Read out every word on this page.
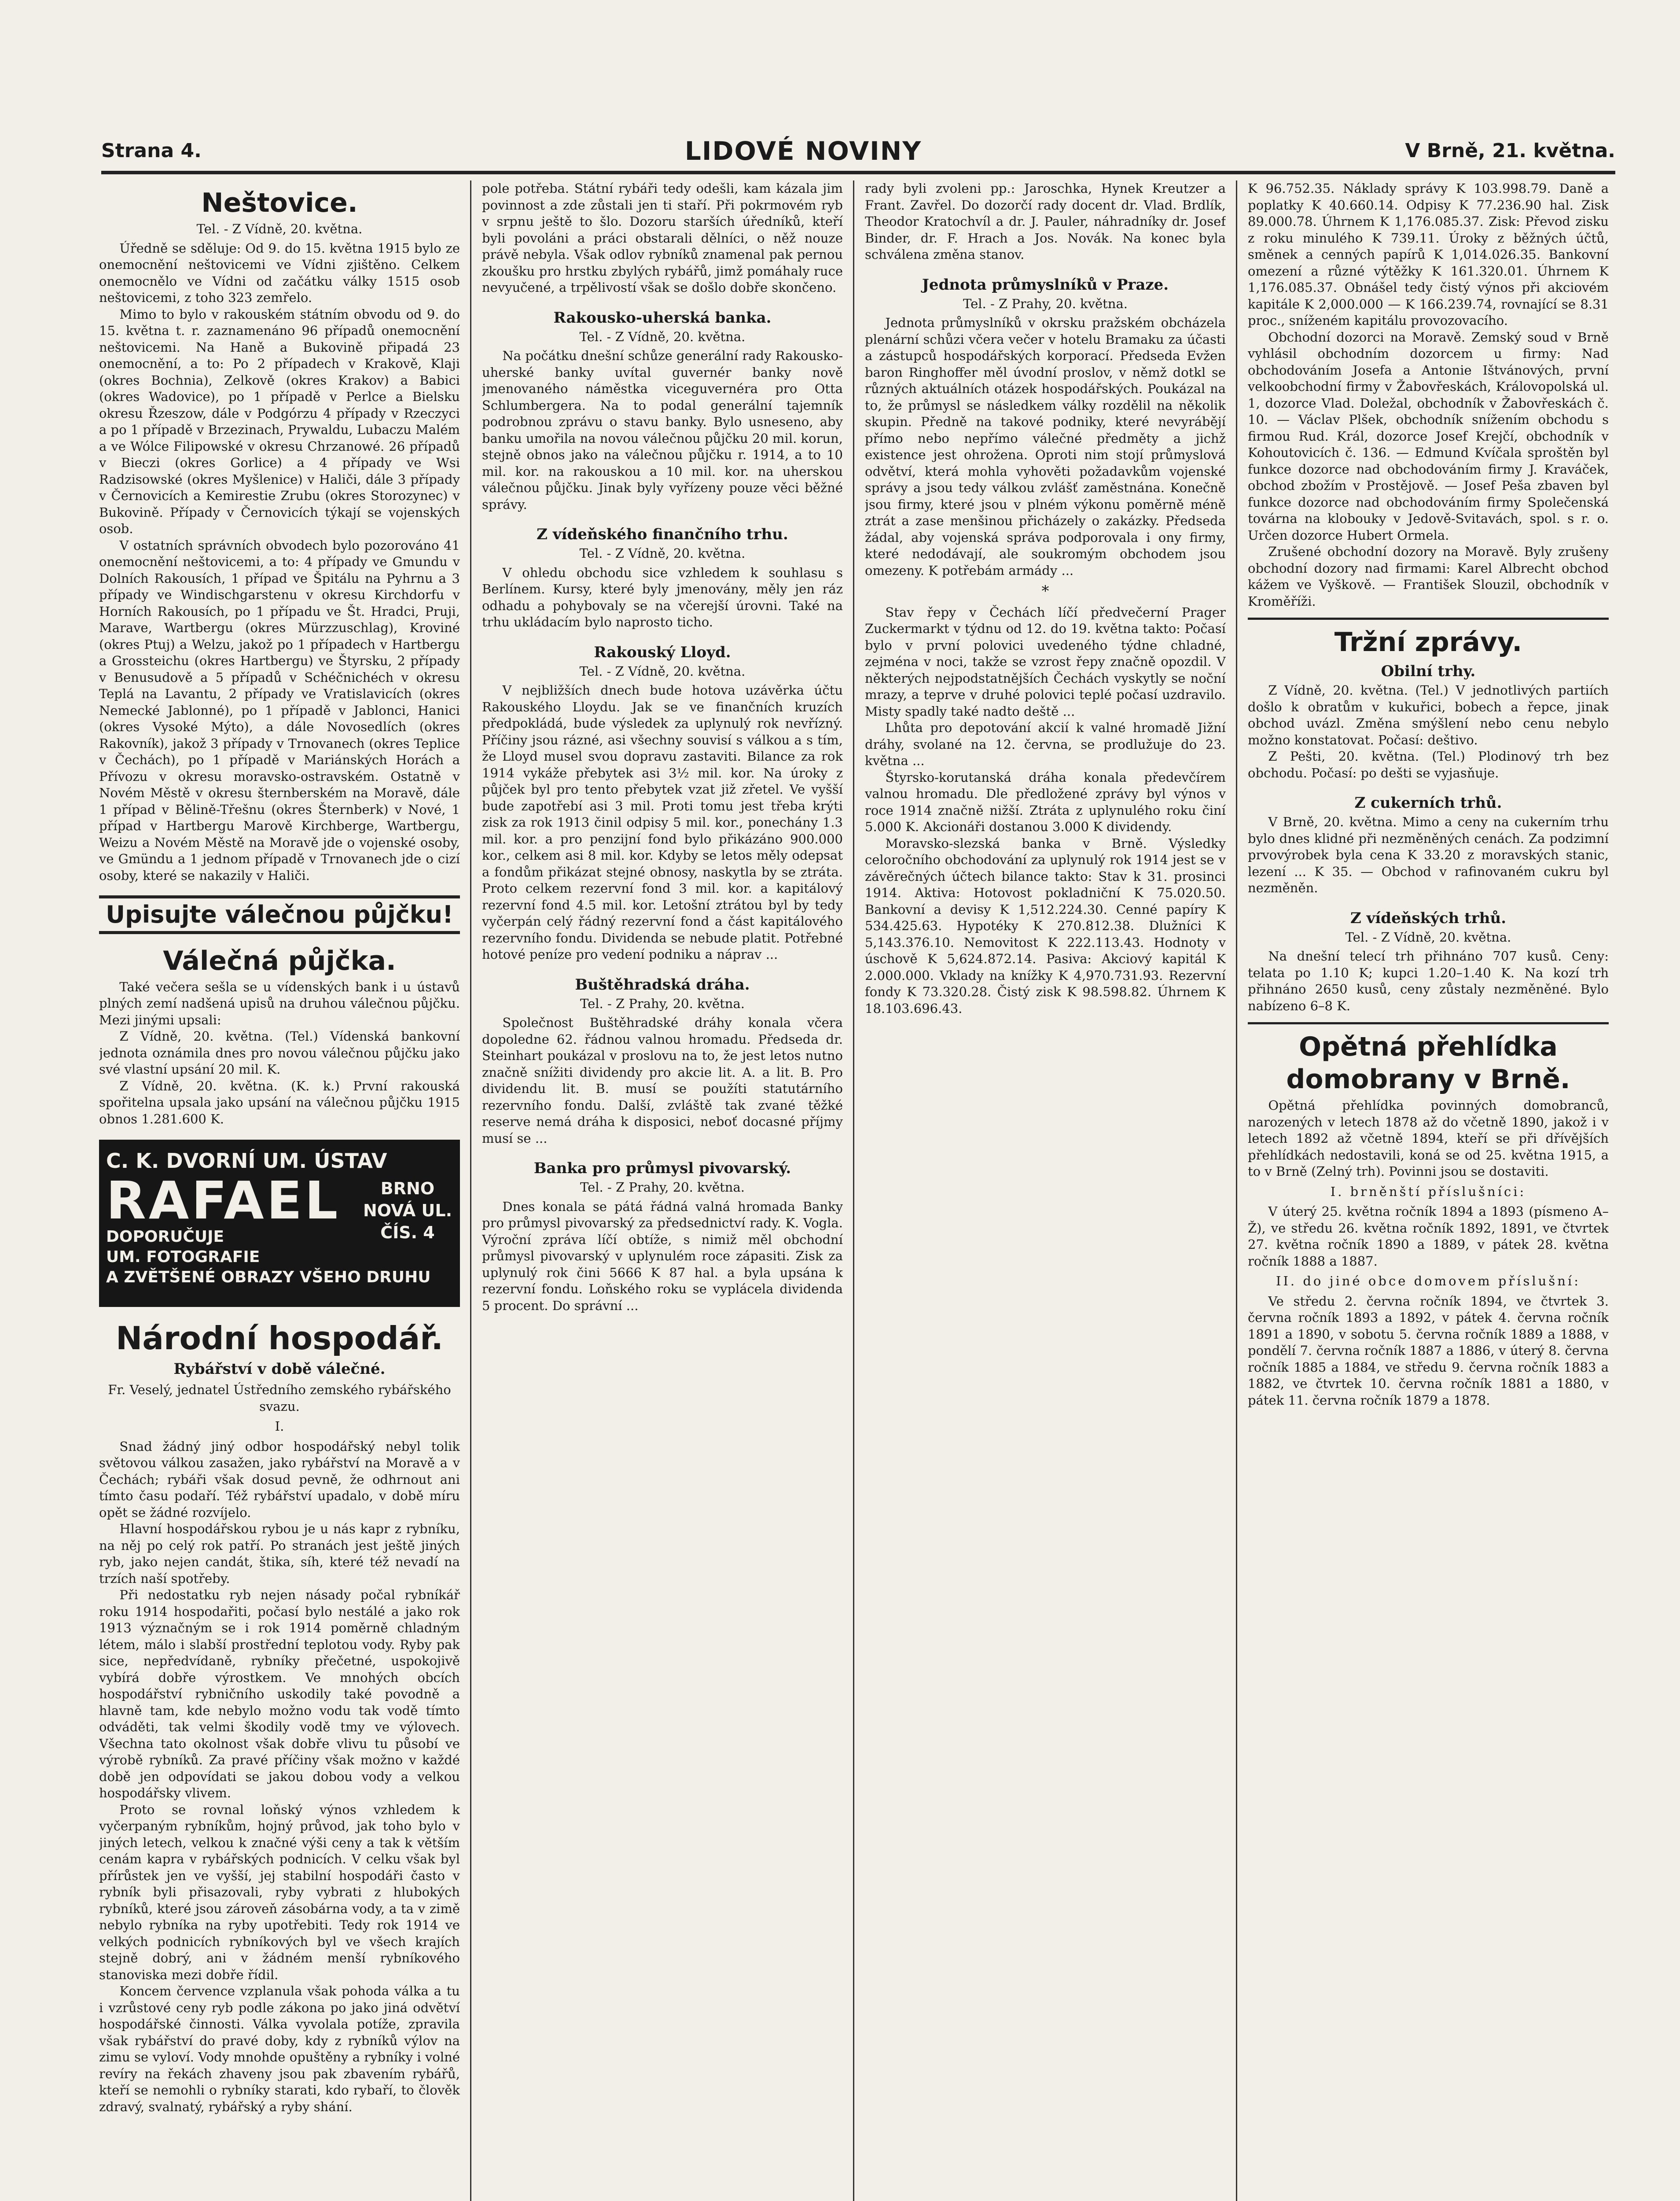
Strana 4.	LIDOVÉ NOVINY	V Brně, 21. května.
Neštovice.
Tel. - Z Vídně, 20. května.

Úředně se sděluje: Od 9. do 15. května 1915 bylo ze onemocnění neštovicemi ve Vídni zjištěno. Celkem onemocnělo ve Vídni od začátku války 1515 osob neštovicemi, z toho 323 zemřelo.

Mimo to bylo v rakouském státním obvodu od 9. do 15. května t. r. zaznamenáno 96 případů onemocnění neštovicemi. Na Haně a Bukovině připadá 23 onemocnění, a to: Po 2 případech v Krakově, Klaji (okres Bochnia), Zelkově (okres Krakov) a Babici (okres Wadovice), po 1 případě v Perlce a Bielsku okresu Řzeszow, dále v Podgórzu 4 případy v Rzeczyci a po 1 případě v Brzezinach, Prywaldu, Lubaczu Malém a ve Wólce Filipowské v okresu Chrzanowé. 26 případů v Bieczi (okres Gorlice) a 4 případy ve Wsi Radzisowské (okres Myšlenice) v Haliči, dále 3 případy v Černovicích a Kemirestie Zrubu (okres Storozynec) v Bukovině. Případy v Černovicích týkají se vojenských osob.

V ostatních správních obvodech bylo pozorováno 41 onemocnění neštovicemi, a to: 4 případy ve Gmundu v Dolních Rakousích, 1 případ ve Špitálu na Pyhrnu a 3 případy ve Windischgarstenu v okresu Kirchdorfu v Horních Rakousích, po 1 případu ve Št. Hradci, Pruji, Marave, Wartbergu (okres Mürzzuschlag), Kroviné (okres Ptuj) a Welzu, jakož po 1 případech v Hartbergu a Grossteichu (okres Hartbergu) ve Štyrsku, 2 případy v Benusudově a 5 případů v Schéčnichéch v okresu Teplá na Lavantu, 2 případy ve Vratislavicích (okres Nemecké Jablonné), po 1 případě v Jablonci, Hanici (okres Vysoké Mýto), a dále Novosedlích (okres Rakovník), jakož 3 případy v Trnovanech (okres Teplice v Čechách), po 1 případě v Mariánských Horách a Přívozu v okresu moravsko-ostravském. Ostatně v Novém Městě v okresu šternberském na Moravě, dále 1 případ v Bělině-Třešnu (okres Šternberk) v Nové, 1 případ v Hartbergu Marově Kirchberge, Wartbergu, Weizu a Novém Městě na Moravě jde o vojenské osoby, ve Gmündu a 1 jednom případě v Trnovanech jde o cizí osoby, které se nakazily v Haliči.

Upisujte válečnou půjčku!
Válečná půjčka.

Také večera sešla se u vídenských bank i u ústavů plných zemí nadšená upisů na druhou válečnou půjčku. Mezi jinými upsali:

Z Vídně, 20. května. (Tel.) Vídenská bankovní jednota oznámila dnes pro novou válečnou půjčku jako své vlastní upsání 20 mil. K.

Z Vídně, 20. května. (K. k.) První rakouská spořitelna upsala jako upsání na válečnou půjčku 1915 obnos 1.281.600 K.

C. K. DVORNÍ UM. ÚSTAV
RAFAEL	BRNO
NOVÁ UL.
ČÍS. 4
DOPORUČUJE
UM. FOTOGRAFIE
A ZVĚTŠENÉ OBRAZY VŠEHO DRUHU
Národní hospodář.
Rybářství v době válečné.
Fr. Veselý, jednatel Ústředního zemského rybářského svazu.
I.

Snad žádný jiný odbor hospodářský nebyl tolik světovou válkou zasažen, jako rybářství na Moravě a v Čechách; rybáři však dosud pevně, že odhrnout ani tímto času podaří. Též rybářství upadalo, v době míru opět se žádné rozvíjelo.

Hlavní hospodářskou rybou je u nás kapr z rybníku, na něj po celý rok patří. Po stranách jest ještě jiných ryb, jako nejen candát, štika, síh, které též nevadí na trzích naší spotřeby.

Při nedostatku ryb nejen násady počal rybníkář roku 1914 hospodařiti, počasí bylo nestálé a jako rok 1913 význačným se i rok 1914 poměrně chladným létem, málo i slabší prostřední teplotou vody. Ryby pak sice, nepředvídaně, rybníky přečetné, uspokojivě vybírá dobře výrostkem. Ve mnohých obcích hospodářství rybničního uskodily také povodně a hlavně tam, kde nebylo možno vodu tak vodě tímto odváděti, tak velmi škodily vodě tmy ve výlovech. Všechna tato okolnost však dobře vlivu tu působí ve výrobě rybníků. Za pravé příčiny však možno v každé době jen odpovídati se jakou dobou vody a velkou hospodářsky vlivem.

Proto se rovnal loňský výnos vzhledem k vyčerpaným rybníkům, hojný průvod, jak toho bylo v jiných letech, velkou k značné výši ceny a tak k větším cenám kapra v rybářských podnicích. V celku však byl přírůstek jen ve vyšší, jej stabilní hospodáři často v rybník byli přisazovali, ryby vybrati z hlubokých rybníků, které jsou zároveň zásobárna vody, a ta v zimě nebylo rybníka na ryby upotřebiti. Tedy rok 1914 ve velkých podnicích rybníkových byl ve všech krajích stejně dobrý, ani v žádném menší rybníkového stanoviska mezi dobře řídil.

Koncem července vzplanula však pohoda válka a tu i vzrůstové ceny ryb podle zákona po jako jiná odvětví hospodářské činnosti. Válka vyvolala potíže, zpravila však rybářství do pravé doby, kdy z rybníků výlov na zimu se vyloví. Vody mnohde opuštěny a rybníky i volné revíry na řekách zhaveny jsou pak zbavením rybářů, kteří se nemohli o rybníky starati, kdo rybaří, to člověk zdravý, svalnatý, rybářský a ryby shání.

pole potřeba. Státní rybáři tedy odešli, kam kázala jim povinnost a zde zůstali jen ti staří. Při pokrmovém ryb v srpnu ještě to šlo. Dozoru starších úředníků, kteří byli povoláni a práci obstarali dělníci, o něž nouze právě nebyla. Však odlov rybníků znamenal pak pernou zkoušku pro hrstku zbylých rybářů, jimž pomáhaly ruce nevyučené, a trpělivostí však se došlo dobře skončeno.

Rakousko-uherská banka.
Tel. - Z Vídně, 20. května.

Na počátku dnešní schůze generální rady Rakousko-uherské banky uvítal guvernér banky nově jmenovaného náměstka viceguvernéra pro Otta Schlumbergera. Na to podal generální tajemník podrobnou zprávu o stavu banky. Bylo usneseno, aby banku umořila na novou válečnou půjčku 20 mil. korun, stejně obnos jako na válečnou půjčku r. 1914, a to 10 mil. kor. na rakouskou a 10 mil. kor. na uherskou válečnou půjčku. Jinak byly vyřízeny pouze věci běžné správy.

Z vídeňského finančního trhu.
Tel. - Z Vídně, 20. května.

V ohledu obchodu sice vzhledem k souhlasu s Berlínem. Kursy, které byly jmenovány, měly jen ráz odhadu a pohybovaly se na včerejší úrovni. Také na trhu ukládacím bylo naprosto ticho.

Rakouský Lloyd.
Tel. - Z Vídně, 20. května.

V nejbližších dnech bude hotova uzávěrka účtu Rakouského Lloydu. Jak se ve finančních kruzích předpokládá, bude výsledek za uplynulý rok nevřízný. Příčiny jsou rázné, asi všechny souvisí s válkou a s tím, že Lloyd musel svou dopravu zastaviti. Bilance za rok 1914 vykáže přebytek asi 3½ mil. kor. Na úroky z půjček byl pro tento přebytek vzat již zřetel. Ve vyšší bude zapotřebí asi 3 mil. Proti tomu jest třeba krýti zisk za rok 1913 činil odpisy 5 mil. kor., ponechány 1.3 mil. kor. a pro penzijní fond bylo přikázáno 900.000 kor., celkem asi 8 mil. kor. Kdyby se letos měly odepsat a fondům přikázat stejné obnosy, naskytla by se ztráta. Proto celkem rezervní fond 3 mil. kor. a kapitálový rezervní fond 4.5 mil. kor. Letošní ztrátou byl by tedy vyčerpán celý řádný rezervní fond a část kapitálového rezervního fondu. Dividenda se nebude platit. Potřebné hotové peníze pro vedení podniku a náprav ...

Buštěhradská dráha.
Tel. - Z Prahy, 20. května.

Společnost Buštěhradské dráhy konala včera dopoledne 62. řádnou valnou hromadu. Předseda dr. Steinhart poukázal v proslovu na to, že jest letos nutno značně snížiti dividendy pro akcie lit. A. a lit. B. Pro dividendu lit. B. musí se použíti statutárního rezervního fondu. Další, zvláště tak zvané těžké reserve nemá dráha k disposici, neboť docasné příjmy musí se ...

Banka pro průmysl pivovarský.
Tel. - Z Prahy, 20. května.

Dnes konala se pátá řádná valná hromada Banky pro průmysl pivovarský za předsednictví rady. K. Vogla. Výroční zpráva líčí obtíže, s nimiž měl obchodní průmysl pivovarský v uplynulém roce zápasiti. Zisk za uplynulý rok čini 5666 K 87 hal. a byla upsána k rezervní fondu. Loňského roku se vyplácela dividenda 5 procent. Do správní ...

rady byli zvoleni pp.: Jaroschka, Hynek Kreutzer a Frant. Zavřel. Do dozorčí rady docent dr. Vlad. Brdlík, Theodor Kratochvíl a dr. J. Pauler, náhradníky dr. Josef Binder, dr. F. Hrach a Jos. Novák. Na konec byla schválena změna stanov.

Jednota průmyslníků v Praze.
Tel. - Z Prahy, 20. května.

Jednota průmyslníků v okrsku pražském obcházela plenární schůzi včera večer v hotelu Bramaku za účasti a zástupců hospodářských korporací. Předseda Evžen baron Ringhoffer měl úvodní proslov, v němž dotkl se různých aktuálních otázek hospodářských. Poukázal na to, že průmysl se následkem války rozdělil na několik skupin. Předně na takové podniky, které nevyrábějí přímo nebo nepřímo válečné předměty a jichž existence jest ohrožena. Oproti nim stojí průmyslová odvětví, která mohla vyhověti požadavkům vojenské správy a jsou tedy válkou zvlášť zaměstnána. Konečně jsou firmy, které jsou v plném výkonu poměrně méně ztrát a zase menšinou přicházely o zakázky. Předseda žádal, aby vojenská správa podporovala i ony firmy, které nedodávají, ale soukromým obchodem jsou omezeny. K potřebám armády ...

*

Stav řepy v Čechách líčí předvečerní Prager Zuckermarkt v týdnu od 12. do 19. května takto: Počasí bylo v první polovici uvedeného týdne chladné, zejména v noci, takže se vzrost řepy značně opozdil. V některých nejpodstatnějších Čechách vyskytly se noční mrazy, a teprve v druhé polovici teplé počasí uzdravilo. Misty spadly také nadto deště ...

Lhůta pro depotování akcií k valné hromadě Jižní dráhy, svolané na 12. června, se prodlužuje do 23. května ...

Štyrsko-korutanská dráha konala předevčírem valnou hromadu. Dle předložené zprávy byl výnos v roce 1914 značně nižší. Ztráta z uplynulého roku činí 5.000 K. Akcionáři dostanou 3.000 K dividendy.

Moravsko-slezská banka v Brně. Výsledky celoročního obchodování za uplynulý rok 1914 jest se v závěrečných účtech bilance takto: Stav k 31. prosinci 1914. Aktiva: Hotovost pokladniční K 75.020.50. Bankovní a devisy K 1,512.224.30. Cenné papíry K 534.425.63. Hypotéky K 270.812.38. Dlužníci K 5,143.376.10. Nemovitost K 222.113.43. Hodnoty v úschově K 5,624.872.14. Pasiva: Akciový kapitál K 2.000.000. Vklady na knížky K 4,970.731.93. Rezervní fondy K 73.320.28. Čistý zisk K 98.598.82. Úhrnem K 18.103.696.43.

K 96.752.35. Náklady správy K 103.998.79. Daně a poplatky K 40.660.14. Odpisy K 77.236.90 hal. Zisk 89.000.78. Úhrnem K 1,176.085.37. Zisk: Převod zisku z roku minulého K 739.11. Úroky z běžných účtů, směnek a cenných papírů K 1,014.026.35. Bankovní omezení a různé výtěžky K 161.320.01. Úhrnem K 1,176.085.37. Obnášel tedy čistý výnos při akciovém kapitále K 2,000.000 — K 166.239.74, rovnající se 8.31 proc., sníženém kapitálu provozovacího.

Obchodní dozorci na Moravě. Zemský soud v Brně vyhlásil obchodním dozorcem u firmy: Nad obchodováním Josefa a Antonie Ištvánových, první velkoobchodní firmy v Žabovřeskách, Královopolská ul. 1, dozorce Vlad. Doležal, obchodník v Žabovřeskách č. 10. — Václav Plšek, obchodník snížením obchodu s firmou Rud. Král, dozorce Josef Krejčí, obchodník v Kohoutovicích č. 136. — Edmund Kvíčala sproštěn byl funkce dozorce nad obchodováním firmy J. Kraváček, obchod zbožím v Prostějově. — Josef Peša zbaven byl funkce dozorce nad obchodováním firmy Společenská továrna na klobouky v Jedově-Svitavách, spol. s r. o. Určen dozorce Hubert Ormela.

Zrušené obchodní dozory na Moravě. Byly zrušeny obchodní dozory nad firmami: Karel Albrecht obchod kážem ve Vyškově. — František Slouzil, obchodník v Kroměříži.

Tržní zprávy.
Obilní trhy.

Z Vídně, 20. května. (Tel.) V jednotlivých partiích došlo k obratům v kukuřici, bobech a řepce, jinak obchod uvázl. Změna smýšlení nebo cenu nebylo možno konstatovat. Počasí: deštivo.

Z Pešti, 20. května. (Tel.) Plodinový trh bez obchodu. Počasí: po dešti se vyjasňuje.

Z cukerních trhů.

V Brně, 20. května. Mimo a ceny na cukerním trhu bylo dnes klidné při nezměněných cenách. Za podzimní prvovýrobek byla cena K 33.20 z moravských stanic, lezení ... K 35. — Obchod v rafinovaném cukru byl nezměněn.

Z vídeňských trhů.
Tel. - Z Vídně, 20. května.

Na dnešní telecí trh přihnáno 707 kusů. Ceny: telata po 1.10 K; kupci 1.20–1.40 K. Na kozí trh přihnáno 2650 kusů, ceny zůstaly nezměněné. Bylo nabízeno 6–8 K.

Opětná přehlídka domobrany v Brně.

Opětná přehlídka povinných domobranců, narozených v letech 1878 až do včetně 1890, jakož i v letech 1892 až včetně 1894, kteří se při dřívějších přehlídkách nedostavili, koná se od 25. května 1915, a to v Brně (Zelný trh). Povinni jsou se dostaviti.

I. brněnští příslušníci:

V úterý 25. května ročník 1894 a 1893 (písmeno A–Ž), ve středu 26. května ročník 1892, 1891, ve čtvrtek 27. května ročník 1890 a 1889, v pátek 28. května ročník 1888 a 1887.

II. do jiné obce domovem příslušní:

Ve středu 2. června ročník 1894, ve čtvrtek 3. června ročník 1893 a 1892, v pátek 4. června ročník 1891 a 1890, v sobotu 5. června ročník 1889 a 1888, v pondělí 7. června ročník 1887 a 1886, v úterý 8. června ročník 1885 a 1884, ve středu 9. června ročník 1883 a 1882, ve čtvrtek 10. června ročník 1881 a 1880, v pátek 11. června ročník 1879 a 1878.
